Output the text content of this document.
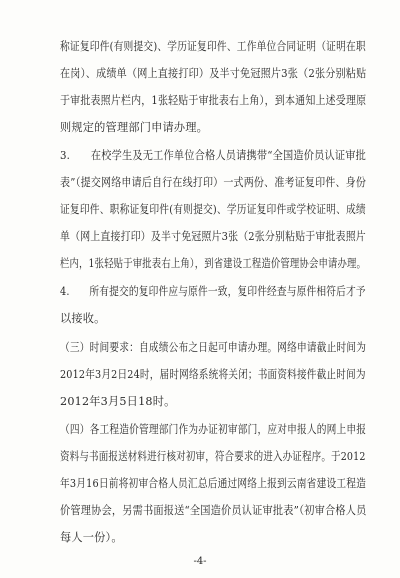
称证复印件(有则提交)、学历证复印件、工作单位合同证明（证明在职
在岗）、成绩单（网上直接打印）及半寸免冠照片3张（2张分别粘贴
于审批表照片栏内，1张轻贴于审批表右上角），到本通知上述受理原
则规定的管理部门申请办理。
3.　　在校学生及无工作单位合格人员请携带“全国造价员认证审批
表”（提交网络申请后自行在线打印）一式两份、准考证复印件、身份
证复印件、职称证复印件(有则提交)、学历证复印件或学校证明、成绩
单（网上直接打印）及半寸免冠照片3张（2张分别粘贴于审批表照片
栏内，1张轻贴于审批表右上角），到省建设工程造价管理协会申请办理。
4.　　所有提交的复印件应与原件一致，复印件经查与原件相符后才予
以接收。
（三）时间要求：自成绩公布之日起可申请办理。网络申请截止时间为
2012年3月2日24时，届时网络系统将关闭；书面资料接件截止时间为
2012年3月5日18时。
（四）各工程造价管理部门作为办证初审部门，应对申报人的网上申报
资料与书面报送材料进行核对初审，符合要求的进入办证程序。于2012
年3月16日前将初审合格人员汇总后通过网络上报到云南省建设工程造
价管理协会，另需书面报送“全国造价员认证审批表”（初审合格人员
每人一份）。
-4-
